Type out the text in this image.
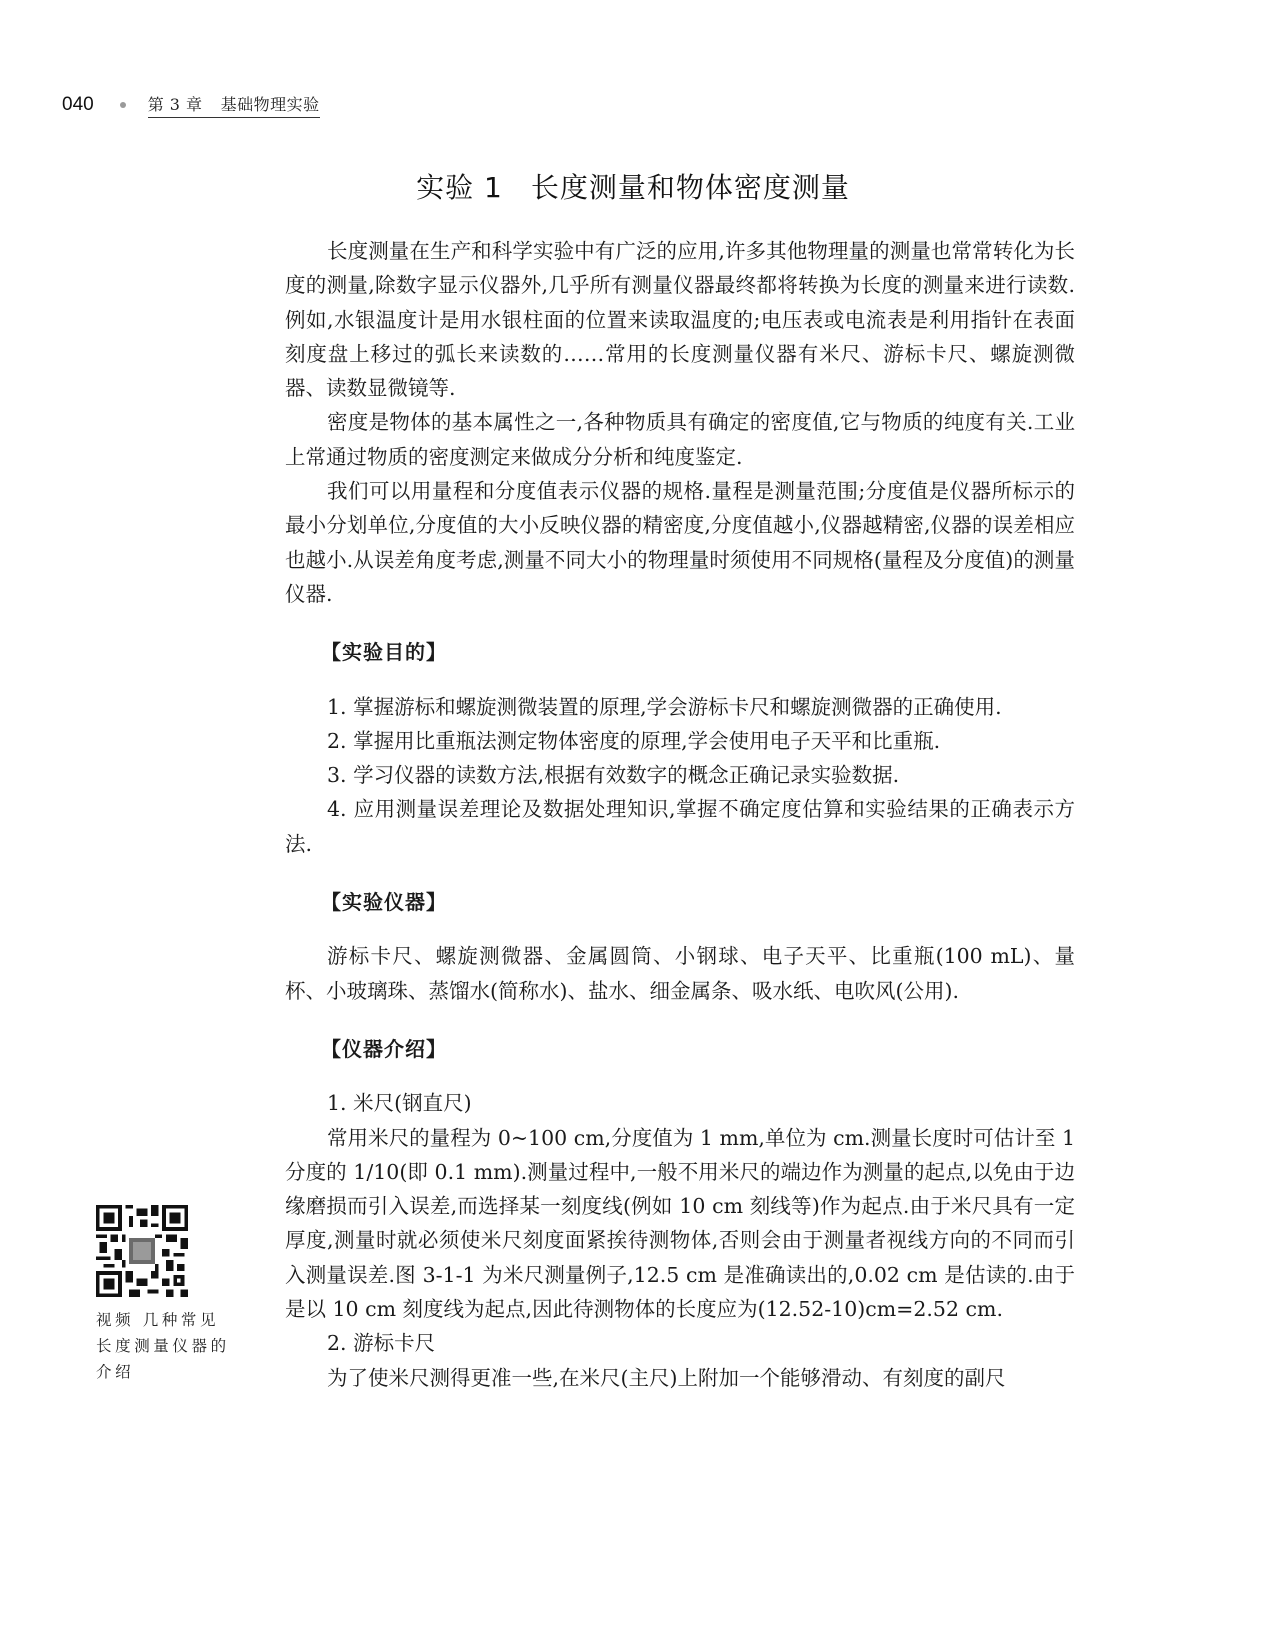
040	第 3 章 基础物理实验
实验 1 长度测量和物体密度测量

长度测量在生产和科学实验中有广泛的应用,许多其他物理量的测量也常常转化为长度的测量,除数字显示仪器外,几乎所有测量仪器最终都将转换为长度的测量来进行读数.例如,水银温度计是用水银柱面的位置来读取温度的;电压表或电流表是利用指针在表面刻度盘上移过的弧长来读数的……常用的长度测量仪器有米尺、游标卡尺、螺旋测微器、读数显微镜等.

密度是物体的基本属性之一,各种物质具有确定的密度值,它与物质的纯度有关.工业上常通过物质的密度测定来做成分分析和纯度鉴定.

我们可以用量程和分度值表示仪器的规格.量程是测量范围;分度值是仪器所标示的最小分划单位,分度值的大小反映仪器的精密度,分度值越小,仪器越精密,仪器的误差相应也越小.从误差角度考虑,测量不同大小的物理量时须使用不同规格(量程及分度值)的测量仪器.

【实验目的】

1. 掌握游标和螺旋测微装置的原理,学会游标卡尺和螺旋测微器的正确使用.

2. 掌握用比重瓶法测定物体密度的原理,学会使用电子天平和比重瓶.

3. 学习仪器的读数方法,根据有效数字的概念正确记录实验数据.

4. 应用测量误差理论及数据处理知识,掌握不确定度估算和实验结果的正确表示方法.

【实验仪器】

游标卡尺、螺旋测微器、金属圆筒、小钢球、电子天平、比重瓶(100 mL)、量杯、小玻璃珠、蒸馏水(简称水)、盐水、细金属条、吸水纸、电吹风(公用).

【仪器介绍】

1. 米尺(钢直尺)

常用米尺的量程为 0~100 cm,分度值为 1 mm,单位为 cm.测量长度时可估计至 1 分度的 1/10(即 0.1 mm).测量过程中,一般不用米尺的端边作为测量的起点,以免由于边缘磨损而引入误差,而选择某一刻度线(例如 10 cm 刻线等)作为起点.由于米尺具有一定厚度,测量时就必须使米尺刻度面紧挨待测物体,否则会由于测量者视线方向的不同而引入测量误差.图 3-1-1 为米尺测量例子,12.5 cm 是准确读出的,0.02 cm 是估读的.由于是以 10 cm 刻度线为起点,因此待测物体的长度应为(12.52-10)cm=2.52 cm.

2. 游标卡尺

为了使米尺测得更准一些,在米尺(主尺)上附加一个能够滑动、有刻度的副尺

视频 几种常见长度测量仪器的介绍
